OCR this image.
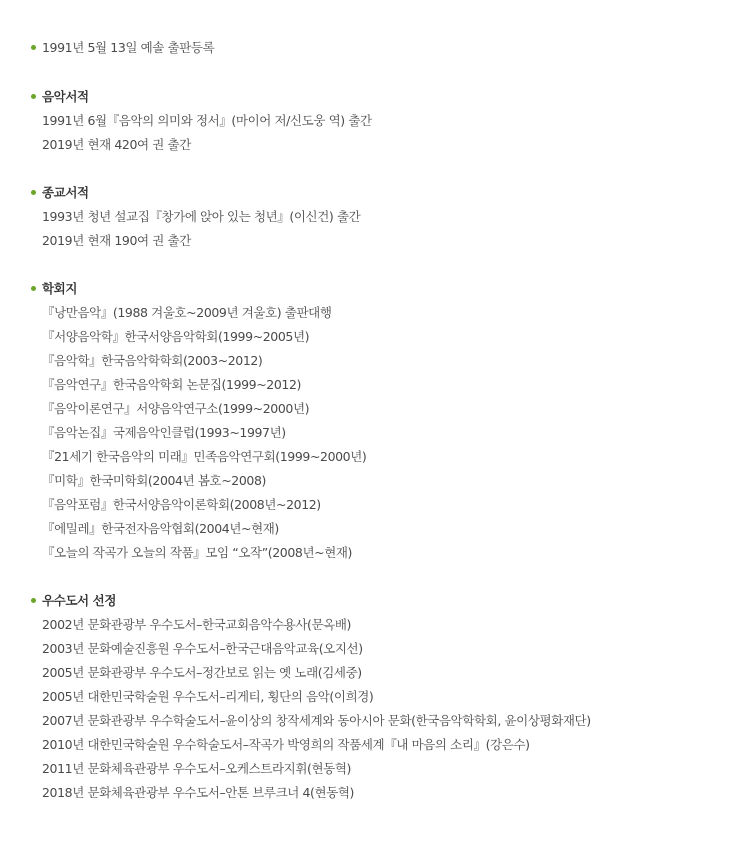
1991년 5월 13일 예솔 출판등록
음악서적
1991년 6월『음악의 의미와 정서』(마이어 저/신도웅 역) 출간
2019년 현재 420여 권 출간
종교서적
1993년 청년 설교집『창가에 앉아 있는 청년』(이신건) 출간
2019년 현재 190여 권 출간
학회지
『낭만음악』(1988 겨울호~2009년 겨울호) 출판대행
『서양음악학』한국서양음악학회(1999~2005년)
『음악학』한국음악학학회(2003~2012)
『음악연구』한국음악학회 논문집(1999~2012)
『음악이론연구』서양음악연구소(1999~2000년)
『음악논집』국제음악인클럽(1993~1997년)
『21세기 한국음악의 미래』민족음악연구회(1999~2000년)
『미학』한국미학회(2004년 봄호~2008)
『음악포럼』한국서양음악이론학회(2008년~2012)
『에밀레』한국전자음악협회(2004년~현재)
『오늘의 작곡가 오늘의 작품』모임 “오작”(2008년~현재)
우수도서 선정
2002년 문화관광부 우수도서–한국교회음악수용사(문옥배)
2003년 문화예술진흥원 우수도서–한국근대음악교육(오지선)
2005년 문화관광부 우수도서–정간보로 읽는 옛 노래(김세중)
2005년 대한민국학술원 우수도서–리게티, 횡단의 음악(이희경)
2007년 문화관광부 우수학술도서–윤이상의 창작세계와 동아시아 문화(한국음악학학회, 윤이상평화재단)
2010년 대한민국학술원 우수학술도서–작곡가 박영희의 작품세계『내 마음의 소리』(강은수)
2011년 문화체육관광부 우수도서–오케스트라지휘(현동혁)
2018년 문화체육관광부 우수도서–안톤 브루크너 4(현동혁)
